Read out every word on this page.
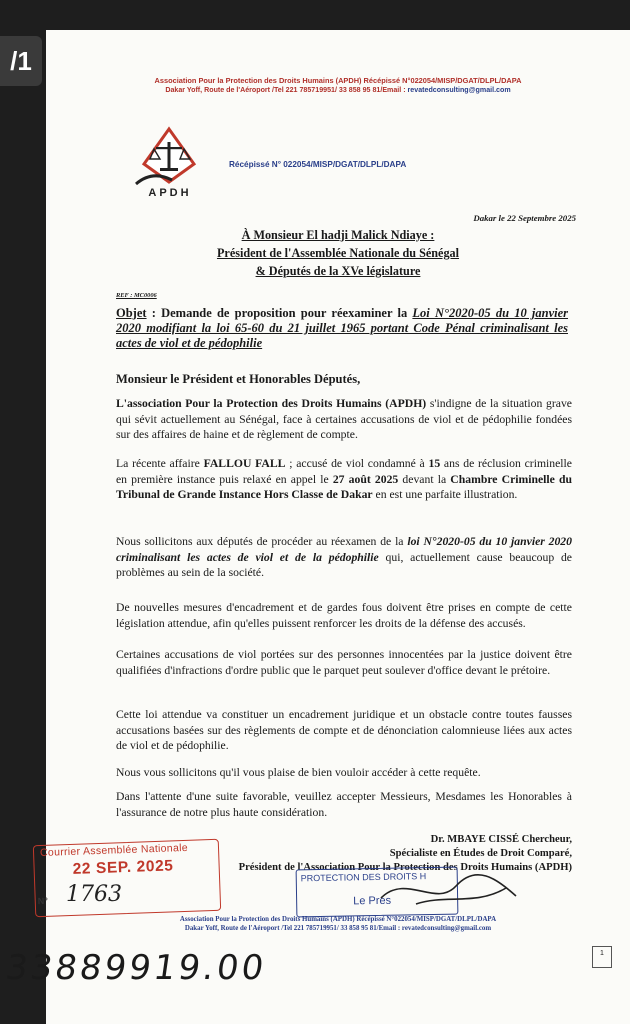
/1
Association Pour la Protection des Droits Humains (APDH) Récépissé N°022054/MISP/DGAT/DLPL/DAPA
Dakar Yoff, Route de l'Aéroport /Tel 221 785719951/ 33 858 95 81/Email : revatedconsulting@gmail.com
APDH
Récépissé N° 022054/MISP/DGAT/DLPL/DAPA
Dakar le 22 Septembre 2025
À Monsieur El hadji Malick Ndiaye :
Président de l'Assemblée Nationale du Sénégal
& Députés de la XVe législature
REF : MC0006
Objet : Demande de proposition pour réexaminer la Loi N°2020-05 du 10 janvier 2020 modifiant la loi 65-60 du 21 juillet 1965 portant Code Pénal criminalisant les actes de viol et de pédophilie
Monsieur le Président et Honorables Députés,

L'association Pour la Protection des Droits Humains (APDH) s'indigne de la situation grave qui sévit actuellement au Sénégal, face à certaines accusations de viol et de pédophilie fondées sur des affaires de haine et de règlement de compte.

La récente affaire FALLOU FALL ; accusé de viol condamné à 15 ans de réclusion criminelle en première instance puis relaxé en appel le 27 août 2025 devant la Chambre Criminelle du Tribunal de Grande Instance Hors Classe de Dakar en est une parfaite illustration.

Nous sollicitons aux députés de procéder au réexamen de la loi N°2020-05 du 10 janvier 2020 criminalisant les actes de viol et de la pédophilie qui, actuellement cause beaucoup de problèmes au sein de la société.

De nouvelles mesures d'encadrement et de gardes fous doivent être prises en compte de cette législation attendue, afin qu'elles puissent renforcer les droits de la défense des accusés.

Certaines accusations de viol portées sur des personnes innocentées par la justice doivent être qualifiées d'infractions d'ordre public que le parquet peut soulever d'office devant le prétoire.

Cette loi attendue va constituer un encadrement juridique et un obstacle contre toutes fausses accusations basées sur des règlements de compte et de dénonciation calomnieuse liées aux actes de viol et de pédophilie.

Nous vous sollicitons qu'il vous plaise de bien vouloir accéder à cette requête.

Dans l'attente d'une suite favorable, veuillez accepter Messieurs, Mesdames les Honorables à l'assurance de notre plus haute considération.

Dr. MBAYE CISSÉ Chercheur,
Spécialiste en Études de Droit Comparé,
Président de l'Association Pour la Protection des Droits Humains (APDH)
Courrier Assemblée Nationale
22 SEP. 2025
N° 1763
PROTECTION DES DROITS H
Le Prés
Association Pour la Protection des Droits Humains (APDH) Récépissé N°022054/MISP/DGAT/DLPL/DAPA
Dakar Yoff, Route de l'Aéroport /Tel 221 785719951/ 33 858 95 81/Email : revatedconsulting@gmail.com
33889919.00	1
